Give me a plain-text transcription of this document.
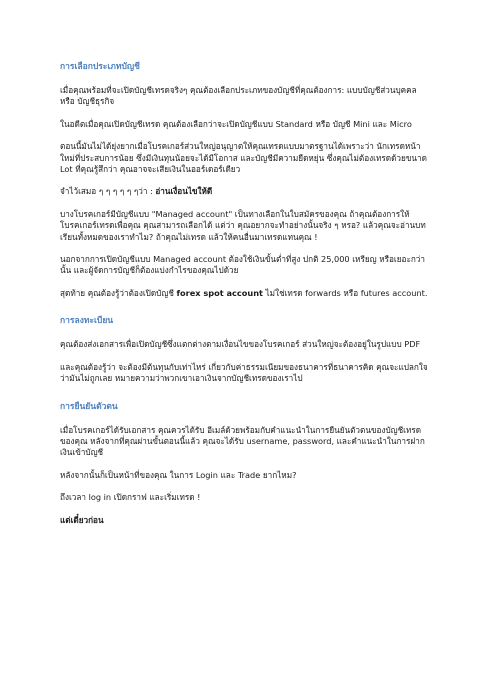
การเลือกประเภทบัญชี

เมื่อคุณพร้อมที่จะเปิดบัญชีเทรดจริงๆ คุณต้องเลือกประเภทของบัญชีที่คุณต้องการ: แบบบัญชีส่วนบุคคล หรือ บัญชีธุรกิจ

ในอดีตเมื่อคุณเปิดบัญชีเทรด คุณต้องเลือกว่าจะเปิดบัญชีแบบ Standard หรือ บัญชี Mini และ Micro

ตอนนี้มันไม่ได้ยุ่งยากเมื่อโบรคเกอร์ส่วนใหญ่อนุญาตให้คุณเทรดแบบมาตรฐานได้เพราะว่า นักเทรดหน้าใหม่ที่ประสบการน้อย ซึ่งมีเงินทุนน้อยจะได้มีโอกาส และบัญชีมีความยืดหยุ่น ซึ่งคุณไม่ต้องเทรดด้วยขนาด Lot ที่คุณรู้สึกว่า คุณอาจจะเสียเงินในออร์เดอร์เดียว

จำไว้เสมอ ๆ ๆ ๆ ๆ ๆ ๆว่า : อ่านเงื่อนไขให้ดี

บางโบรคเกอร์มีบัญชีแบบ "Managed account" เป็นทางเลือกในใบสมัครของคุณ ถ้าคุณต้องการให้โบรคเกอร์เทรดเพื่อคุณ คุณสามารถเลือกได้ แต่ว่า คุณอยากจะทำอย่างนั้นจริง ๆ หรอ? แล้วคุณจะอ่านบทเรียนทั้งหมดของเราทำไม? ถ้าคุณไม่เทรด แล้วให้คนอื่นมาเทรดแทนคุณ !

นอกจากการเปิดบัญชีแบบ Managed account ต้องใช้เงินขั้นต่ำที่สูง ปกติ 25,000 เหรียญ หรือเยอะกว่านั้น และผู้จัดการบัญชีก็ต้องแบ่งกำไรของคุณไปด้วย

สุดท้าย คุณต้องรู้ว่าต้องเปิดบัญชี forex spot account ไม่ใช่เทรด forwards หรือ futures account.

การลงทะเบียน

คุณต้องส่งเอกสารเพื่อเปิดบัญชีซึ่งแตกต่างตามเงื่อนไขของโบรคเกอร์ ส่วนใหญ่จะต้องอยู่ในรูปแบบ PDF

และคุณต้องรู้ว่า จะต้องมีต้นทุนกับเท่าไหร่ เกี่ยวกับค่าธรรมเนียมของธนาคารที่ธนาคารคิด คุณจะแปลกใจว่ามันไม่ถูกเลย หมายความว่าพวกเขาเอาเงินจากบัญชีเทรดของเราไป

การยืนยันตัวตน

เมื่อโบรคเกอร์ได้รับเอกสาร คุณควรได้รับ อีเมล์ด้วยพร้อมกับคำแนะนำในการยืนยันตัวตนของบัญชีเทรดของคุณ หลังจากที่คุณผ่านขั้นตอนนี้แล้ว คุณจะได้รับ username, password, และคำแนะนำในการฝากเงินเข้าบัญชี

หลังจากนั้นก็เป็นหน้าที่ของคุณ ในการ Login และ Trade ยากไหม?

ถึงเวลา log in เปิดกราฟ และเริ่มเทรด !

แต่เดี๋ยวก่อน
